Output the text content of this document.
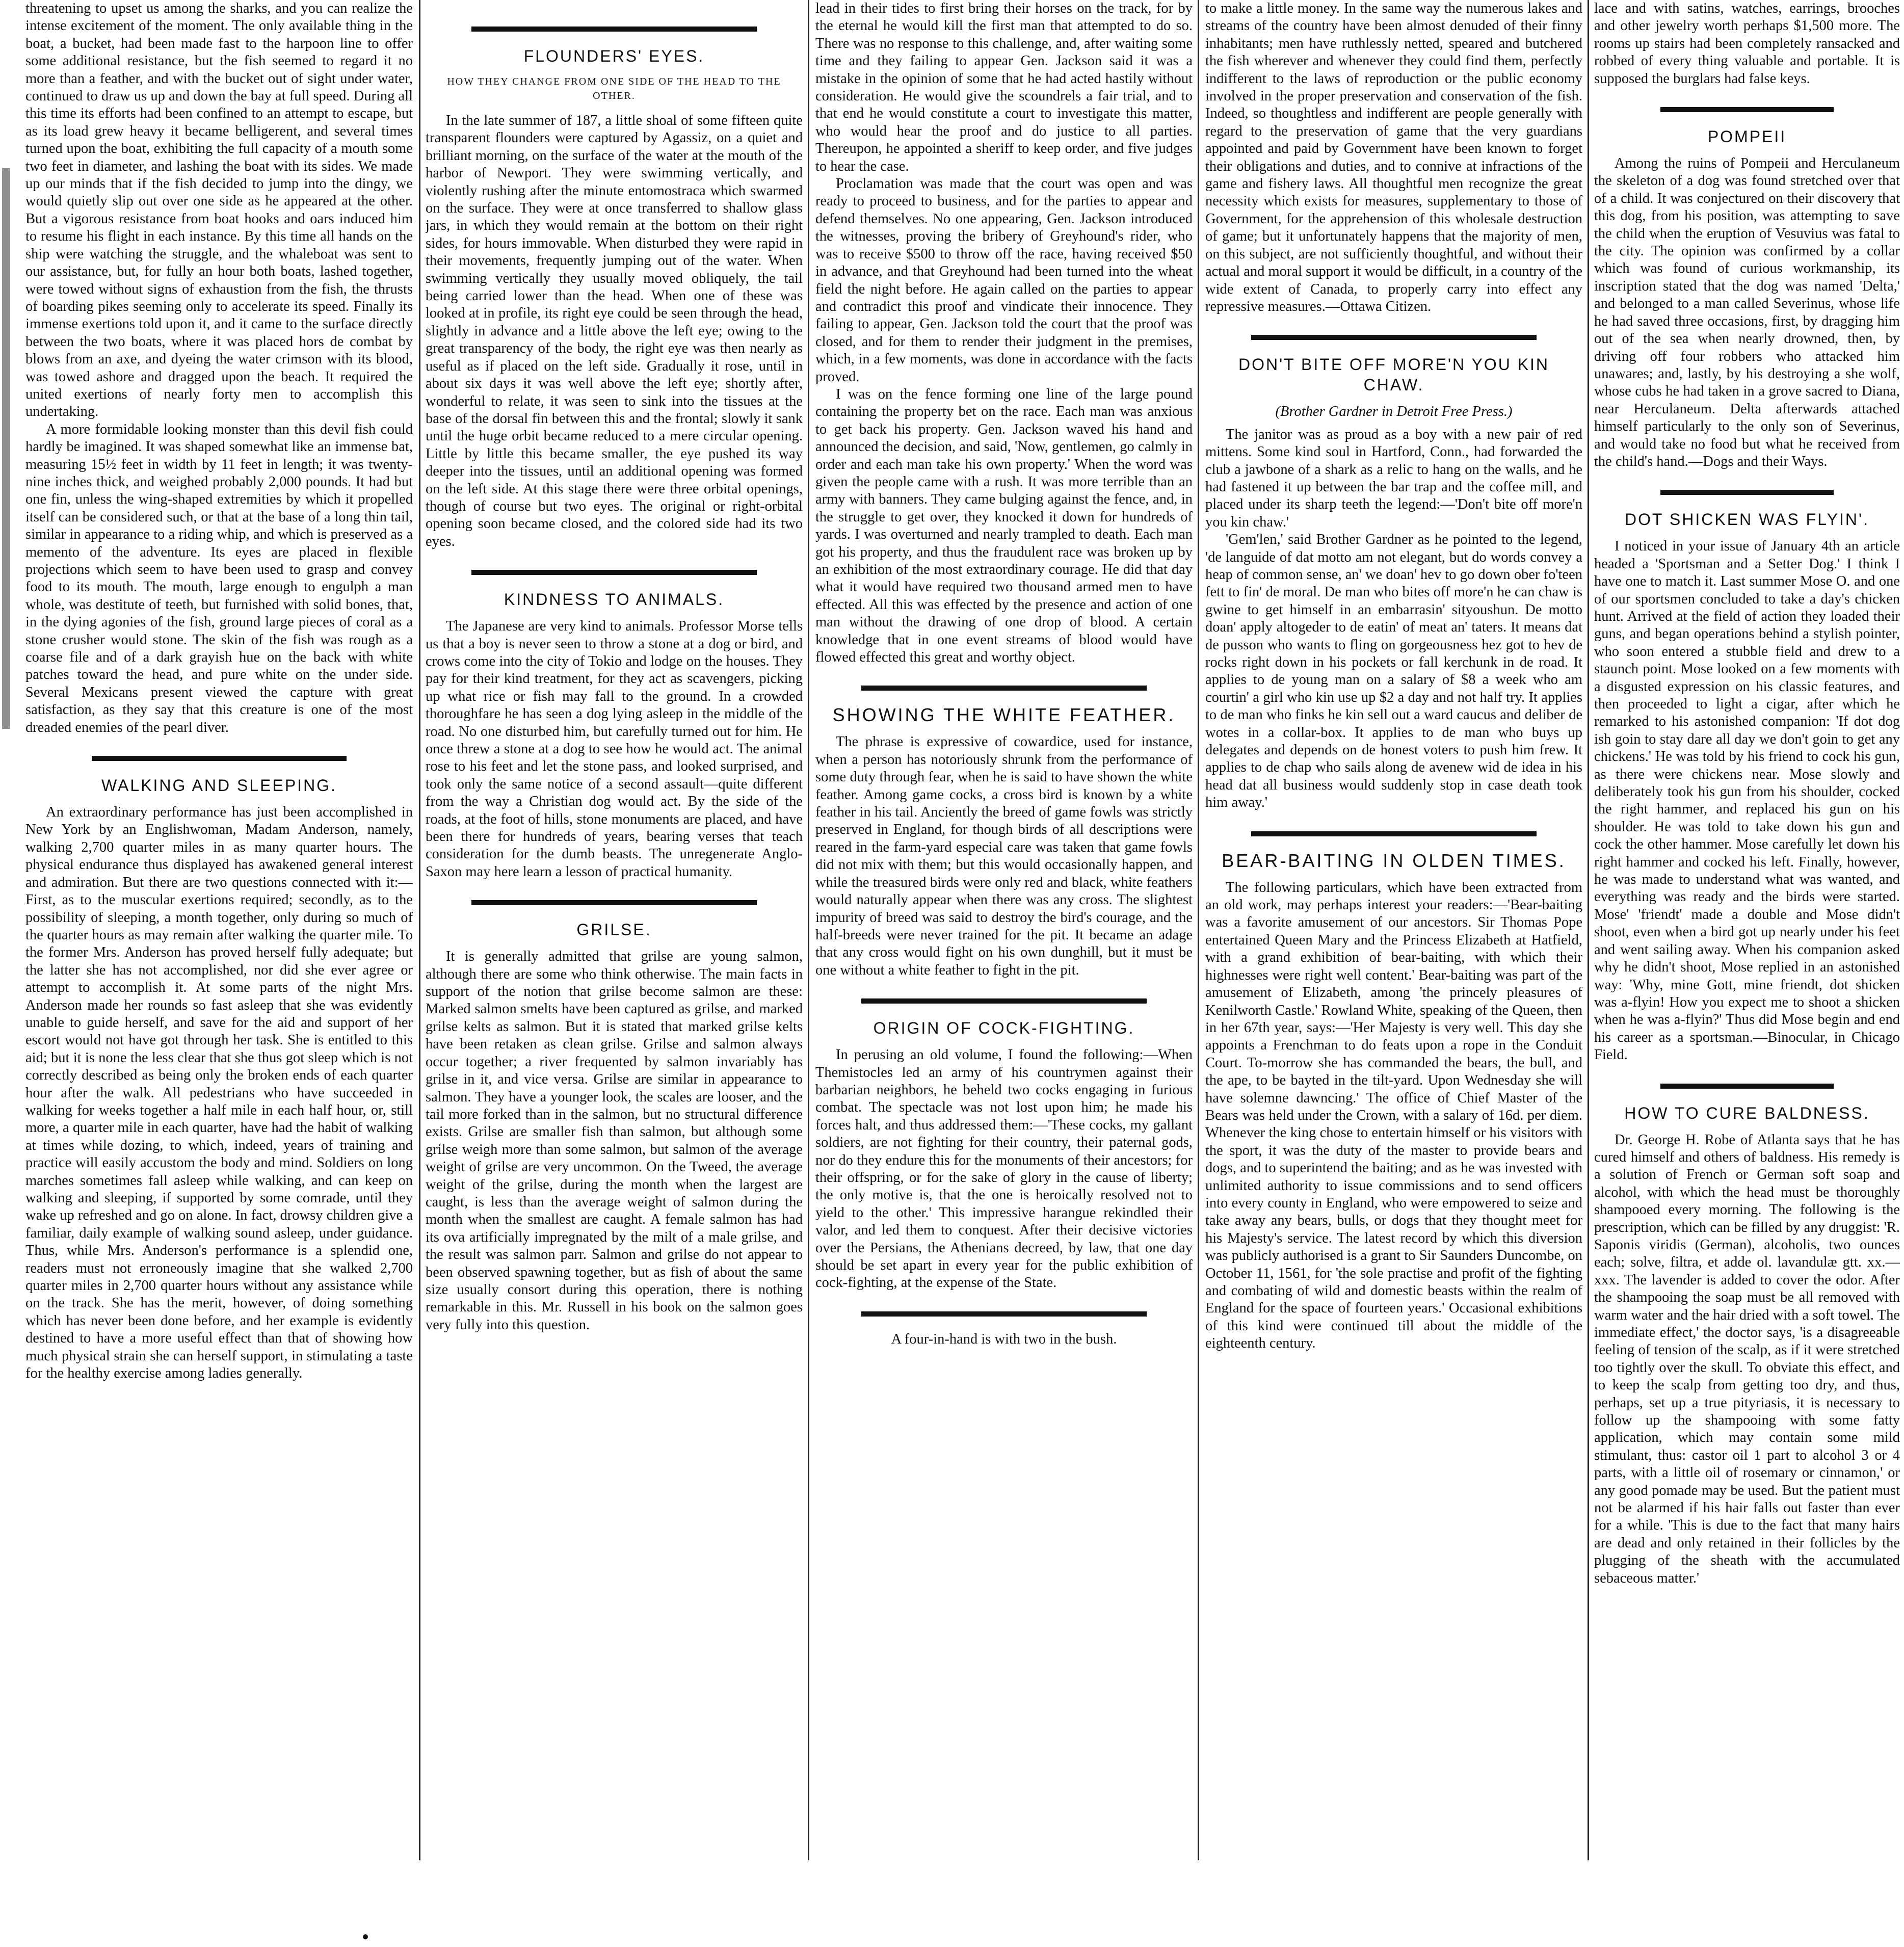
threatening to upset us among the sharks, and you can realize the intense excitement of the moment. The only available thing in the boat, a bucket, had been made fast to the harpoon line to offer some additional resistance, but the fish seemed to regard it no more than a feather, and with the bucket out of sight under water, continued to draw us up and down the bay at full speed. During all this time its efforts had been confined to an attempt to escape, but as its load grew heavy it became belligerent, and several times turned upon the boat, exhibiting the full capacity of a mouth some two feet in diameter, and lashing the boat with its sides. We made up our minds that if the fish decided to jump into the dingy, we would quietly slip out over one side as he appeared at the other. But a vigorous resistance from boat hooks and oars induced him to resume his flight in each instance. By this time all hands on the ship were watching the struggle, and the whaleboat was sent to our assistance, but, for fully an hour both boats, lashed together, were towed without signs of exhaustion from the fish, the thrusts of boarding pikes seeming only to accelerate its speed. Finally its immense exertions told upon it, and it came to the surface directly between the two boats, where it was placed hors de combat by blows from an axe, and dyeing the water crimson with its blood, was towed ashore and dragged upon the beach. It required the united exertions of nearly forty men to accomplish this undertaking.

A more formidable looking monster than this devil fish could hardly be imagined. It was shaped somewhat like an immense bat, measuring 15½ feet in width by 11 feet in length; it was twenty-nine inches thick, and weighed probably 2,000 pounds. It had but one fin, unless the wing-shaped extremities by which it propelled itself can be considered such, or that at the base of a long thin tail, similar in appearance to a riding whip, and which is preserved as a memento of the adventure. Its eyes are placed in flexible projections which seem to have been used to grasp and convey food to its mouth. The mouth, large enough to engulph a man whole, was destitute of teeth, but furnished with solid bones, that, in the dying agonies of the fish, ground large pieces of coral as a stone crusher would stone. The skin of the fish was rough as a coarse file and of a dark grayish hue on the back with white patches toward the head, and pure white on the under side. Several Mexicans present viewed the capture with great satisfaction, as they say that this creature is one of the most dreaded enemies of the pearl diver.

WALKING AND SLEEPING.

An extraordinary performance has just been accomplished in New York by an Englishwoman, Madam Anderson, namely, walking 2,700 quarter miles in as many quarter hours. The physical endurance thus displayed has awakened general interest and admiration. But there are two questions connected with it:—First, as to the muscular exertions required; secondly, as to the possibility of sleeping, a month together, only during so much of the quarter hours as may remain after walking the quarter mile. To the former Mrs. Anderson has proved herself fully adequate; but the latter she has not accomplished, nor did she ever agree or attempt to accomplish it. At some parts of the night Mrs. Anderson made her rounds so fast asleep that she was evidently unable to guide herself, and save for the aid and support of her escort would not have got through her task. She is entitled to this aid; but it is none the less clear that she thus got sleep which is not correctly described as being only the broken ends of each quarter hour after the walk. All pedestrians who have succeeded in walking for weeks together a half mile in each half hour, or, still more, a quarter mile in each quarter, have had the habit of walking at times while dozing, to which, indeed, years of training and practice will easily accustom the body and mind. Soldiers on long marches sometimes fall asleep while walking, and can keep on walking and sleeping, if supported by some comrade, until they wake up refreshed and go on alone. In fact, drowsy children give a familiar, daily example of walking sound asleep, under guidance. Thus, while Mrs. Anderson's performance is a splendid one, readers must not erroneously imagine that she walked 2,700 quarter miles in 2,700 quarter hours without any assistance while on the track. She has the merit, however, of doing something which has never been done before, and her example is evidently destined to have a more useful effect than that of showing how much physical strain she can herself support, in stimulating a taste for the healthy exercise among ladies generally.

FLOUNDERS' EYES.
HOW THEY CHANGE FROM ONE SIDE OF THE HEAD TO THE OTHER.

In the late summer of 187, a little shoal of some fifteen quite transparent flounders were captured by Agassiz, on a quiet and brilliant morning, on the surface of the water at the mouth of the harbor of Newport. They were swimming vertically, and violently rushing after the minute entomostraca which swarmed on the surface. They were at once transferred to shallow glass jars, in which they would remain at the bottom on their right sides, for hours immovable. When disturbed they were rapid in their movements, frequently jumping out of the water. When swimming vertically they usually moved obliquely, the tail being carried lower than the head. When one of these was looked at in profile, its right eye could be seen through the head, slightly in advance and a little above the left eye; owing to the great transparency of the body, the right eye was then nearly as useful as if placed on the left side. Gradually it rose, until in about six days it was well above the left eye; shortly after, wonderful to relate, it was seen to sink into the tissues at the base of the dorsal fin between this and the frontal; slowly it sank until the huge orbit became reduced to a mere circular opening. Little by little this became smaller, the eye pushed its way deeper into the tissues, until an additional opening was formed on the left side. At this stage there were three orbital openings, though of course but two eyes. The original or right-orbital opening soon became closed, and the colored side had its two eyes.

KINDNESS TO ANIMALS.

The Japanese are very kind to animals. Professor Morse tells us that a boy is never seen to throw a stone at a dog or bird, and crows come into the city of Tokio and lodge on the houses. They pay for their kind treatment, for they act as scavengers, picking up what rice or fish may fall to the ground. In a crowded thoroughfare he has seen a dog lying asleep in the middle of the road. No one disturbed him, but carefully turned out for him. He once threw a stone at a dog to see how he would act. The animal rose to his feet and let the stone pass, and looked surprised, and took only the same notice of a second assault—quite different from the way a Christian dog would act. By the side of the roads, at the foot of hills, stone monuments are placed, and have been there for hundreds of years, bearing verses that teach consideration for the dumb beasts. The unregenerate Anglo-Saxon may here learn a lesson of practical humanity.

GRILSE.

It is generally admitted that grilse are young salmon, although there are some who think otherwise. The main facts in support of the notion that grilse become salmon are these: Marked salmon smelts have been captured as grilse, and marked grilse kelts as salmon. But it is stated that marked grilse kelts have been retaken as clean grilse. Grilse and salmon always occur together; a river frequented by salmon invariably has grilse in it, and vice versa. Grilse are similar in appearance to salmon. They have a younger look, the scales are looser, and the tail more forked than in the salmon, but no structural difference exists. Grilse are smaller fish than salmon, but although some grilse weigh more than some salmon, but salmon of the average weight of grilse are very uncommon. On the Tweed, the average weight of the grilse, during the month when the largest are caught, is less than the average weight of salmon during the month when the smallest are caught. A female salmon has had its ova artificially impregnated by the milt of a male grilse, and the result was salmon parr. Salmon and grilse do not appear to been observed spawning together, but as fish of about the same size usually consort during this operation, there is nothing remarkable in this. Mr. Russell in his book on the salmon goes very fully into this question.

lead in their tides to first bring their horses on the track, for by the eternal he would kill the first man that attempted to do so. There was no response to this challenge, and, after waiting some time and they failing to appear Gen. Jackson said it was a mistake in the opinion of some that he had acted hastily without consideration. He would give the scoundrels a fair trial, and to that end he would constitute a court to investigate this matter, who would hear the proof and do justice to all parties. Thereupon, he appointed a sheriff to keep order, and five judges to hear the case.

Proclamation was made that the court was open and was ready to proceed to business, and for the parties to appear and defend themselves. No one appearing, Gen. Jackson introduced the witnesses, proving the bribery of Greyhound's rider, who was to receive $500 to throw off the race, having received $50 in advance, and that Greyhound had been turned into the wheat field the night before. He again called on the parties to appear and contradict this proof and vindicate their innocence. They failing to appear, Gen. Jackson told the court that the proof was closed, and for them to render their judgment in the premises, which, in a few moments, was done in accordance with the facts proved.

I was on the fence forming one line of the large pound containing the property bet on the race. Each man was anxious to get back his property. Gen. Jackson waved his hand and announced the decision, and said, 'Now, gentlemen, go calmly in order and each man take his own property.' When the word was given the people came with a rush. It was more terrible than an army with banners. They came bulging against the fence, and, in the struggle to get over, they knocked it down for hundreds of yards. I was overturned and nearly trampled to death. Each man got his property, and thus the fraudulent race was broken up by an exhibition of the most extraordinary courage. He did that day what it would have required two thousand armed men to have effected. All this was effected by the presence and action of one man without the drawing of one drop of blood. A certain knowledge that in one event streams of blood would have flowed effected this great and worthy object.

SHOWING THE WHITE FEATHER.

The phrase is expressive of cowardice, used for instance, when a person has notoriously shrunk from the performance of some duty through fear, when he is said to have shown the white feather. Among game cocks, a cross bird is known by a white feather in his tail. Anciently the breed of game fowls was strictly preserved in England, for though birds of all descriptions were reared in the farm-yard especial care was taken that game fowls did not mix with them; but this would occasionally happen, and while the treasured birds were only red and black, white feathers would naturally appear when there was any cross. The slightest impurity of breed was said to destroy the bird's courage, and the half-breeds were never trained for the pit. It became an adage that any cross would fight on his own dunghill, but it must be one without a white feather to fight in the pit.

ORIGIN OF COCK-FIGHTING.

In perusing an old volume, I found the following:—When Themistocles led an army of his countrymen against their barbarian neighbors, he beheld two cocks engaging in furious combat. The spectacle was not lost upon him; he made his forces halt, and thus addressed them:—'These cocks, my gallant soldiers, are not fighting for their country, their paternal gods, nor do they endure this for the monuments of their ancestors; for their offspring, or for the sake of glory in the cause of liberty; the only motive is, that the one is heroically resolved not to yield to the other.' This impressive harangue rekindled their valor, and led them to conquest. After their decisive victories over the Persians, the Athenians decreed, by law, that one day should be set apart in every year for the public exhibition of cock-fighting, at the expense of the State.

A four-in-hand is with two in the bush.

to make a little money. In the same way the numerous lakes and streams of the country have been almost denuded of their finny inhabitants; men have ruthlessly netted, speared and butchered the fish wherever and whenever they could find them, perfectly indifferent to the laws of reproduction or the public economy involved in the proper preservation and conservation of the fish. Indeed, so thoughtless and indifferent are people generally with regard to the preservation of game that the very guardians appointed and paid by Government have been known to forget their obligations and duties, and to connive at infractions of the game and fishery laws. All thoughtful men recognize the great necessity which exists for measures, supplementary to those of Government, for the apprehension of this wholesale destruction of game; but it unfortunately happens that the majority of men, on this subject, are not sufficiently thoughtful, and without their actual and moral support it would be difficult, in a country of the wide extent of Canada, to properly carry into effect any repressive measures.—Ottawa Citizen.

DON'T BITE OFF MORE'N YOU KIN CHAW.

(Brother Gardner in Detroit Free Press.)

The janitor was as proud as a boy with a new pair of red mittens. Some kind soul in Hartford, Conn., had forwarded the club a jawbone of a shark as a relic to hang on the walls, and he had fastened it up between the bar trap and the coffee mill, and placed under its sharp teeth the legend:—'Don't bite off more'n you kin chaw.'

'Gem'len,' said Brother Gardner as he pointed to the legend, 'de languide of dat motto am not elegant, but do words convey a heap of common sense, an' we doan' hev to go down ober fo'teen fett to fin' de moral. De man who bites off more'n he can chaw is gwine to get himself in an embarrasin' sityoushun. De motto doan' apply altogeder to de eatin' of meat an' taters. It means dat de pusson who wants to fling on gorgeousness hez got to hev de rocks right down in his pockets or fall kerchunk in de road. It applies to de young man on a salary of $8 a week who am courtin' a girl who kin use up $2 a day and not half try. It applies to de man who finks he kin sell out a ward caucus and deliber de wotes in a collar-box. It applies to de man who buys up delegates and depends on de honest voters to push him frew. It applies to de chap who sails along de avenew wid de idea in his head dat all business would suddenly stop in case death took him away.'

BEAR-BAITING IN OLDEN TIMES.

The following particulars, which have been extracted from an old work, may perhaps interest your readers:—'Bear-baiting was a favorite amusement of our ancestors. Sir Thomas Pope entertained Queen Mary and the Princess Elizabeth at Hatfield, with a grand exhibition of bear-baiting, with which their highnesses were right well content.' Bear-baiting was part of the amusement of Elizabeth, among 'the princely pleasures of Kenilworth Castle.' Rowland White, speaking of the Queen, then in her 67th year, says:—'Her Majesty is very well. This day she appoints a Frenchman to do feats upon a rope in the Conduit Court. To-morrow she has commanded the bears, the bull, and the ape, to be bayted in the tilt-yard. Upon Wednesday she will have solemne dawncing.' The office of Chief Master of the Bears was held under the Crown, with a salary of 16d. per diem. Whenever the king chose to entertain himself or his visitors with the sport, it was the duty of the master to provide bears and dogs, and to superintend the baiting; and as he was invested with unlimited authority to issue commissions and to send officers into every county in England, who were empowered to seize and take away any bears, bulls, or dogs that they thought meet for his Majesty's service. The latest record by which this diversion was publicly authorised is a grant to Sir Saunders Duncombe, on October 11, 1561, for 'the sole practise and profit of the fighting and combating of wild and domestic beasts within the realm of England for the space of fourteen years.' Occasional exhibitions of this kind were continued till about the middle of the eighteenth century.

lace and with satins, watches, earrings, brooches and other jewelry worth perhaps $1,500 more. The rooms up stairs had been completely ransacked and robbed of every thing valuable and portable. It is supposed the burglars had false keys.

POMPEII

Among the ruins of Pompeii and Herculaneum the skeleton of a dog was found stretched over that of a child. It was conjectured on their discovery that this dog, from his position, was attempting to save the child when the eruption of Vesuvius was fatal to the city. The opinion was confirmed by a collar which was found of curious workmanship, its inscription stated that the dog was named 'Delta,' and belonged to a man called Severinus, whose life he had saved three occasions, first, by dragging him out of the sea when nearly drowned, then, by driving off four robbers who attacked him unawares; and, lastly, by his destroying a she wolf, whose cubs he had taken in a grove sacred to Diana, near Herculaneum. Delta afterwards attached himself particularly to the only son of Severinus, and would take no food but what he received from the child's hand.—Dogs and their Ways.

DOT SHICKEN WAS FLYIN'.

I noticed in your issue of January 4th an article headed a 'Sportsman and a Setter Dog.' I think I have one to match it. Last summer Mose O. and one of our sportsmen concluded to take a day's chicken hunt. Arrived at the field of action they loaded their guns, and began operations behind a stylish pointer, who soon entered a stubble field and drew to a staunch point. Mose looked on a few moments with a disgusted expression on his classic features, and then proceeded to light a cigar, after which he remarked to his astonished companion: 'If dot dog ish goin to stay dare all day we don't goin to get any chickens.' He was told by his friend to cock his gun, as there were chickens near. Mose slowly and deliberately took his gun from his shoulder, cocked the right hammer, and replaced his gun on his shoulder. He was told to take down his gun and cock the other hammer. Mose carefully let down his right hammer and cocked his left. Finally, however, he was made to understand what was wanted, and everything was ready and the birds were started. Mose' 'friendt' made a double and Mose didn't shoot, even when a bird got up nearly under his feet and went sailing away. When his companion asked why he didn't shoot, Mose replied in an astonished way: 'Why, mine Gott, mine friendt, dot shicken was a-flyin! How you expect me to shoot a shicken when he was a-flyin?' Thus did Mose begin and end his career as a sportsman.—Binocular, in Chicago Field.

HOW TO CURE BALDNESS.

Dr. George H. Robe of Atlanta says that he has cured himself and others of baldness. His remedy is a solution of French or German soft soap and alcohol, with which the head must be thoroughly shampooed every morning. The following is the prescription, which can be filled by any druggist: 'R. Saponis viridis (German), alcoholis, two ounces each; solve, filtra, et adde ol. lavandulæ gtt. xx.—xxx. The lavender is added to cover the odor. After the shampooing the soap must be all removed with warm water and the hair dried with a soft towel. The immediate effect,' the doctor says, 'is a disagreeable feeling of tension of the scalp, as if it were stretched too tightly over the skull. To obviate this effect, and to keep the scalp from getting too dry, and thus, perhaps, set up a true pityriasis, it is necessary to follow up the shampooing with some fatty application, which may contain some mild stimulant, thus: castor oil 1 part to alcohol 3 or 4 parts, with a little oil of rosemary or cinnamon,' or any good pomade may be used. But the patient must not be alarmed if his hair falls out faster than ever for a while. 'This is due to the fact that many hairs are dead and only retained in their follicles by the plugging of the sheath with the accumulated sebaceous matter.'
